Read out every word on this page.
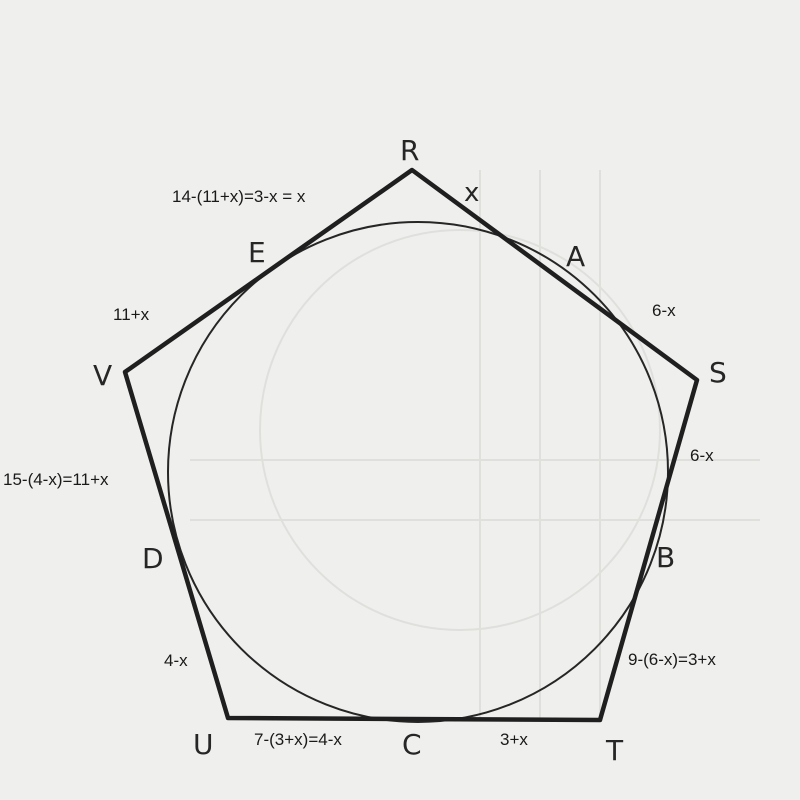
R
A
S
B
T
C
U
D
V
E
x
14-(11+x)=3-x = x
6-x
6-x
9-(6-x)=3+x
3+x
7-(3+x)=4-x
4-x
15-(4-x)=11+x
11+x
